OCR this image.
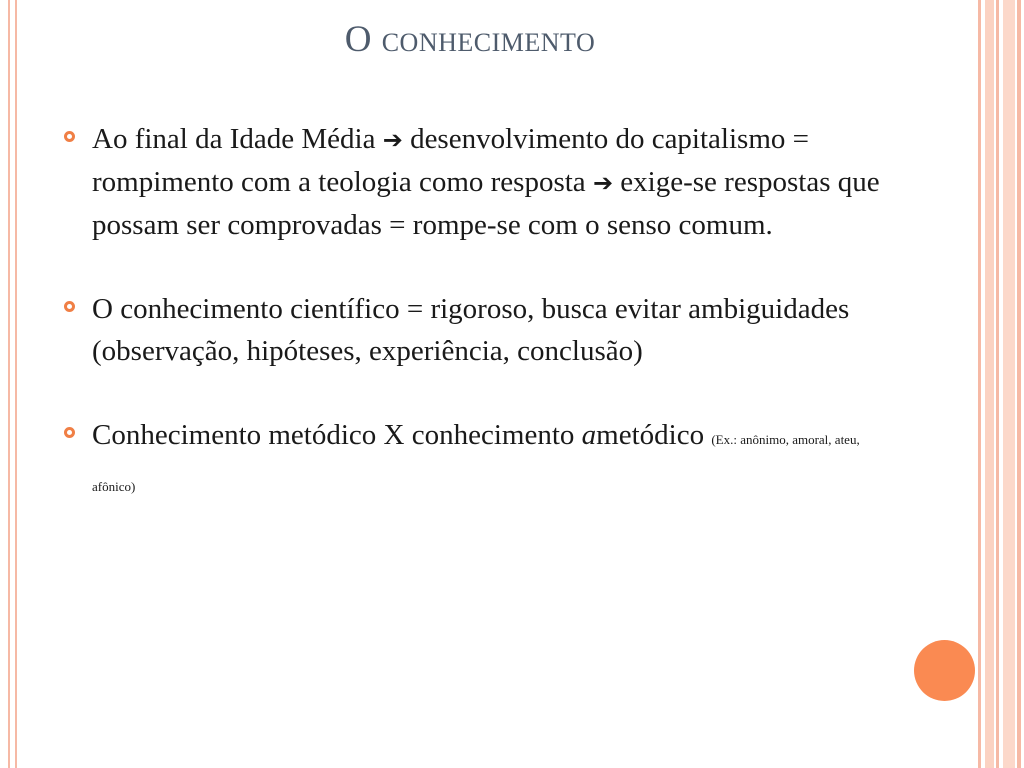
O conhecimento
Ao final da Idade Média ➔ desenvolvimento do capitalismo = rompimento com a teologia como resposta ➔ exige-se respostas que possam ser comprovadas = rompe-se com o senso comum.
O conhecimento científico = rigoroso, busca evitar ambiguidades (observação, hipóteses, experiência, conclusão)
Conhecimento metódico X conhecimento ametódico (Ex.: anônimo, amoral, ateu, afônico)
